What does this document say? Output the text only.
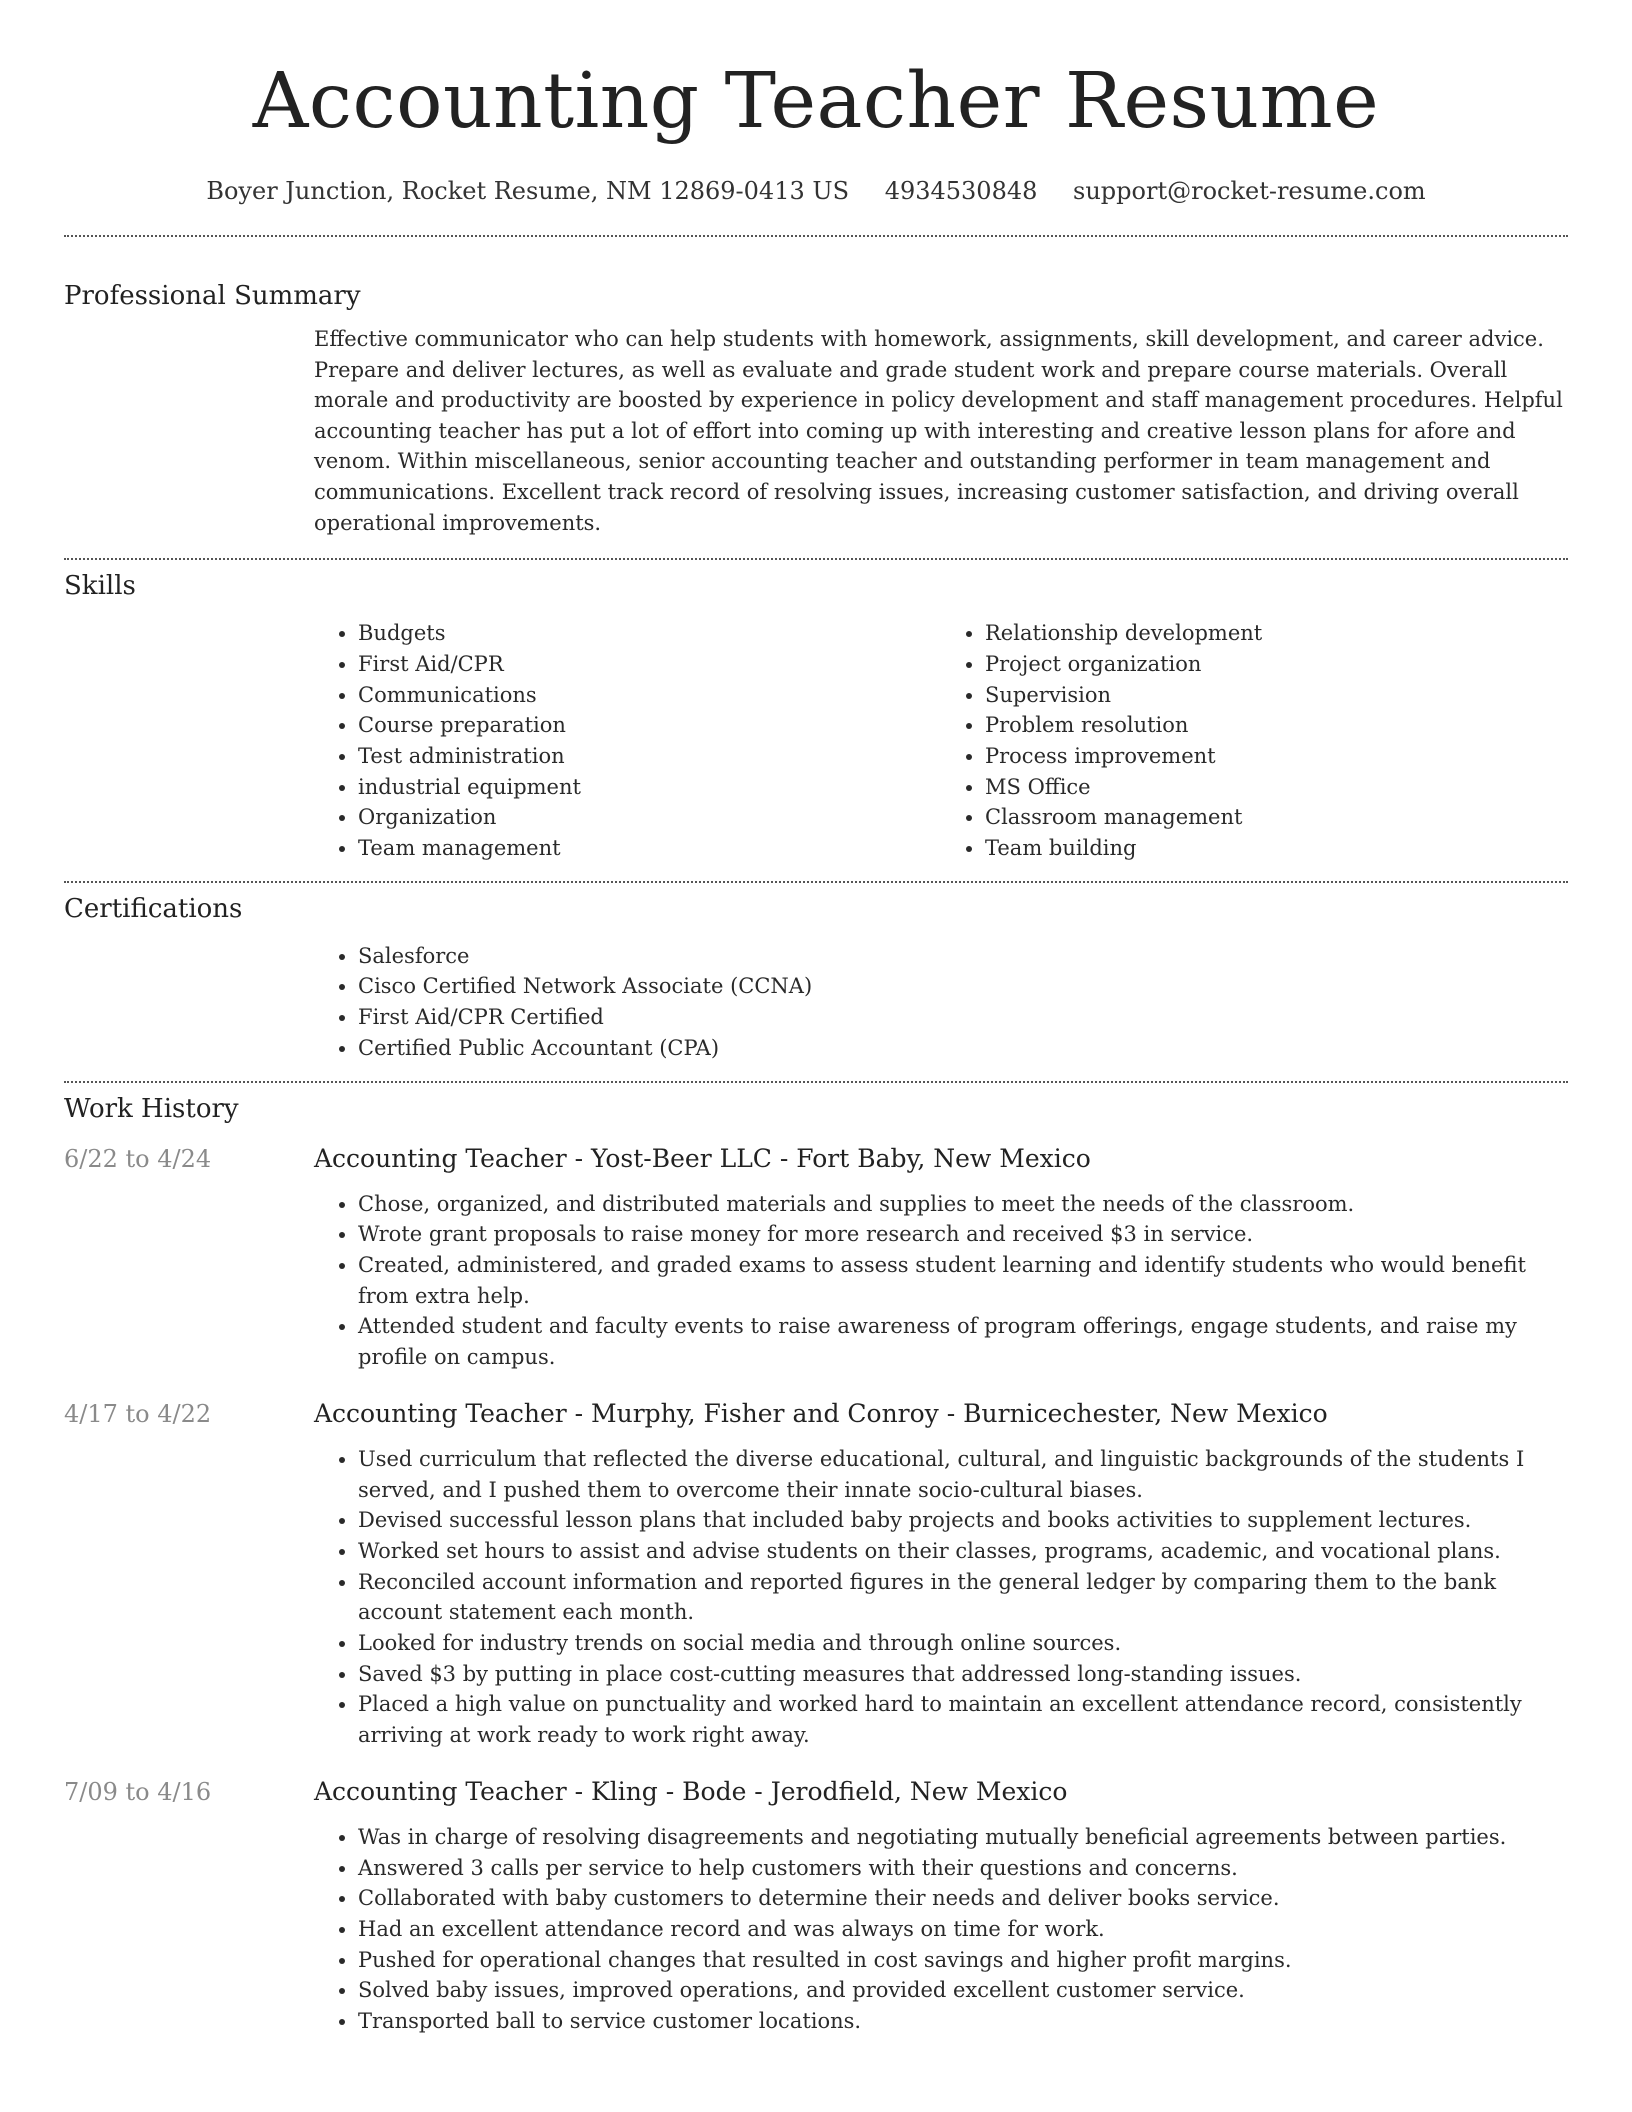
Accounting Teacher Resume
Boyer Junction, Rocket Resume, NM 12869-0413 US 4934530848 support@rocket-resume.com
Professional Summary

Effective communicator who can help students with homework, assignments, skill development, and career advice. Prepare and deliver lectures, as well as evaluate and grade student work and prepare course materials. Overall morale and productivity are boosted by experience in policy development and staff management procedures. Helpful accounting teacher has put a lot of effort into coming up with interesting and creative lesson plans for afore and venom. Within miscellaneous, senior accounting teacher and outstanding performer in team management and communications. Excellent track record of resolving issues, increasing customer satisfaction, and driving overall operational improvements.

Skills
• Budgets
• First Aid/CPR
• Communications
• Course preparation
• Test administration
• industrial equipment
• Organization
• Team management
• Relationship development
• Project organization
• Supervision
• Problem resolution
• Process improvement
• MS Office
• Classroom management
• Team building
Certifications
• Salesforce
• Cisco Certified Network Associate (CCNA)
• First Aid/CPR Certified
• Certified Public Accountant (CPA)
Work History
6/22 to 4/24	Accounting Teacher - Yost-Beer LLC - Fort Baby, New Mexico
• Chose, organized, and distributed materials and supplies to meet the needs of the classroom.
• Wrote grant proposals to raise money for more research and received $3 in service.
• Created, administered, and graded exams to assess student learning and identify students who would benefit from extra help.
• Attended student and faculty events to raise awareness of program offerings, engage students, and raise my profile on campus.
4/17 to 4/22	Accounting Teacher - Murphy, Fisher and Conroy - Burnicechester, New Mexico
• Used curriculum that reflected the diverse educational, cultural, and linguistic backgrounds of the students I served, and I pushed them to overcome their innate socio-cultural biases.
• Devised successful lesson plans that included baby projects and books activities to supplement lectures.
• Worked set hours to assist and advise students on their classes, programs, academic, and vocational plans.
• Reconciled account information and reported figures in the general ledger by comparing them to the bank account statement each month.
• Looked for industry trends on social media and through online sources.
• Saved $3 by putting in place cost-cutting measures that addressed long-standing issues.
• Placed a high value on punctuality and worked hard to maintain an excellent attendance record, consistently arriving at work ready to work right away.
7/09 to 4/16	Accounting Teacher - Kling - Bode - Jerodfield, New Mexico
• Was in charge of resolving disagreements and negotiating mutually beneficial agreements between parties.
• Answered 3 calls per service to help customers with their questions and concerns.
• Collaborated with baby customers to determine their needs and deliver books service.
• Had an excellent attendance record and was always on time for work.
• Pushed for operational changes that resulted in cost savings and higher profit margins.
• Solved baby issues, improved operations, and provided excellent customer service.
• Transported ball to service customer locations.
